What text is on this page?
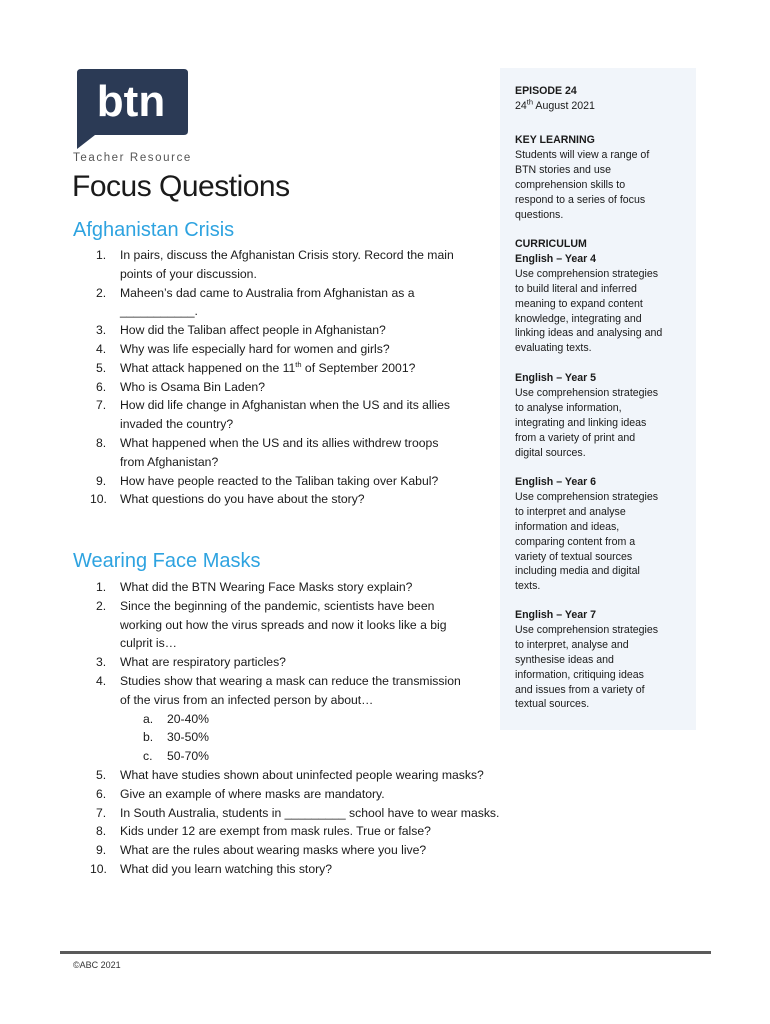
btn
Teacher Resource
Focus Questions
Afghanistan Crisis
1. In pairs, discuss the Afghanistan Crisis story. Record the main
points of your discussion.
2. Maheen’s dad came to Australia from Afghanistan as a
___________.
3. How did the Taliban affect people in Afghanistan?
4. Why was life especially hard for women and girls?
5. What attack happened on the 11th of September 2001?
6. Who is Osama Bin Laden?
7. How did life change in Afghanistan when the US and its allies
invaded the country?
8. What happened when the US and its allies withdrew troops
from Afghanistan?
9. How have people reacted to the Taliban taking over Kabul?
10. What questions do you have about the story?
Wearing Face Masks
1. What did the BTN Wearing Face Masks story explain?
2. Since the beginning of the pandemic, scientists have been
working out how the virus spreads and now it looks like a big
culprit is…
3. What are respiratory particles?
4. Studies show that wearing a mask can reduce the transmission
of the virus from an infected person by about…
a. 20-40%
b. 30-50%
c. 50-70%
5. What have studies shown about uninfected people wearing masks?
6. Give an example of where masks are mandatory.
7. In South Australia, students in _________ school have to wear masks.
8. Kids under 12 are exempt from mask rules. True or false?
9. What are the rules about wearing masks where you live?
10. What did you learn watching this story?
EPISODE 24
24th August 2021
KEY LEARNING
Students will view a range of
BTN stories and use
comprehension skills to
respond to a series of focus
questions.
CURRICULUM
English – Year 4
Use comprehension strategies
to build literal and inferred
meaning to expand content
knowledge, integrating and
linking ideas and analysing and
evaluating texts.
English – Year 5
Use comprehension strategies
to analyse information,
integrating and linking ideas
from a variety of print and
digital sources.
English – Year 6
Use comprehension strategies
to interpret and analyse
information and ideas,
comparing content from a
variety of textual sources
including media and digital
texts.
English – Year 7
Use comprehension strategies
to interpret, analyse and
synthesise ideas and
information, critiquing ideas
and issues from a variety of
textual sources.
©ABC 2021
